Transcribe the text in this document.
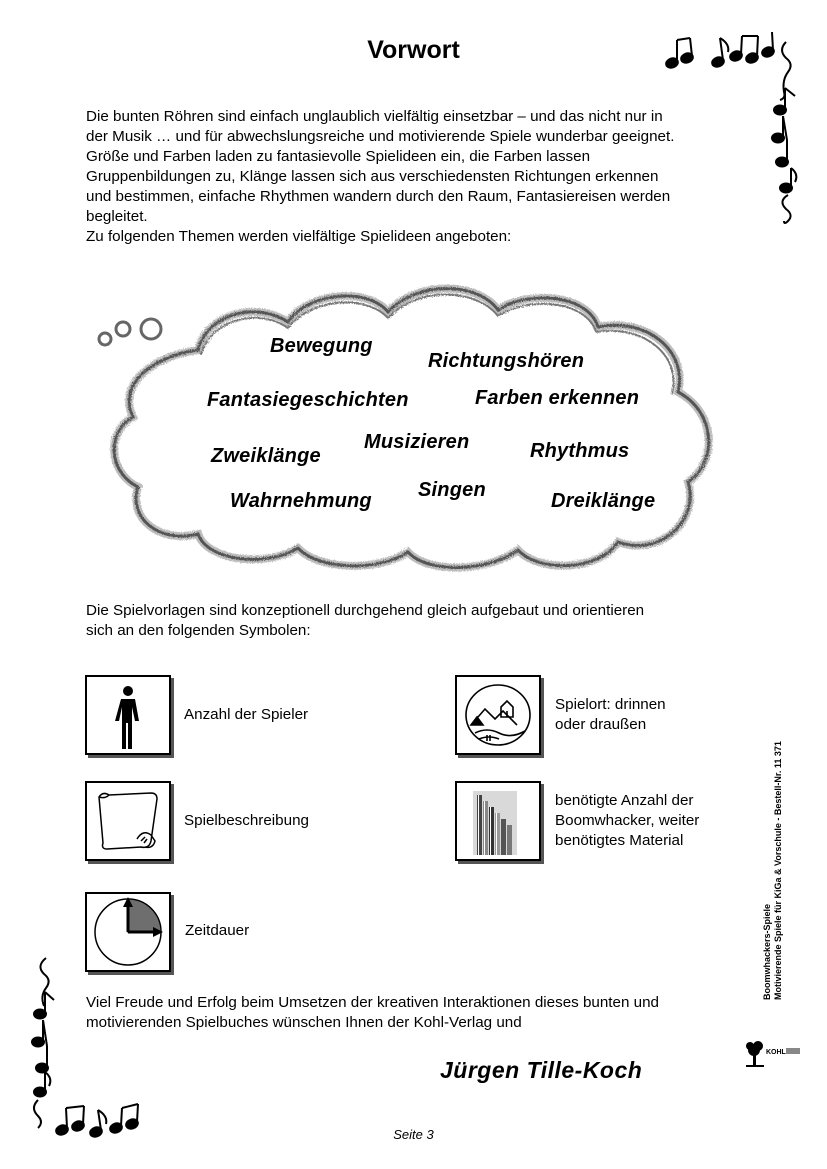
Vorwort

Die bunten Röhren sind einfach unglaublich vielfältig einsetzbar – und das nicht nur in

der Musik … und für abwechslungsreiche und motivierende Spiele wunderbar geeignet.

Größe und Farben laden zu fantasievolle Spielideen ein, die Farben lassen

Gruppenbildungen zu, Klänge lassen sich aus verschiedensten Richtungen erkennen

und bestimmen, einfache Rhythmen wandern durch den Raum, Fantasiereisen werden

begleitet.

Zu folgenden Themen werden vielfältige Spielideen angeboten:

Bewegung
Richtungshören
Fantasiegeschichten	Farben erkennen
Zweiklänge
Musizieren	Rhythmus
Wahrnehmung Singen	Dreiklänge

Die Spielvorlagen sind konzeptionell durchgehend gleich aufgebaut und orientieren

sich an den folgenden Symbolen:

Anzahl der Spieler
Spielort: drinnen
oder draußen
Spielbeschreibung
benötigte Anzahl der
Boomwhacker, weiter
benötigtes Material
Zeitdauer

Viel Freude und Erfolg beim Umsetzen der kreativen Interaktionen dieses bunten und

motivierenden Spielbuches wünschen Ihnen der Kohl-Verlag und

Jürgen Tille-Koch
Seite 3
Boomwhackers-Spiele Motivierende Spiele für KiGa & Vorschule - Bestell-Nr. 11 371
KOHL
